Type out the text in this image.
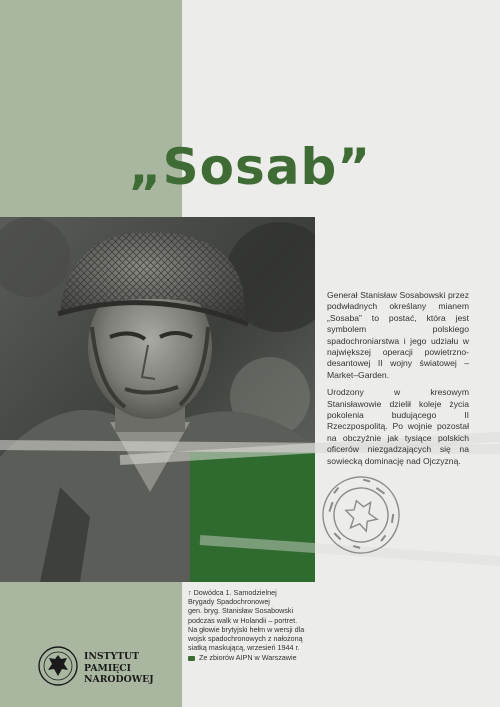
„Sosab”

Generał Stanisław Sosabowski przez podwładnych określany mianem „Sosaba” to postać, która jest symbolem polskiego spadochroniarstwa i jego udziału w największej operacji powietrzno-desantowej II wojny światowej – Market–Garden.

Urodzony w kresowym Stanisławowie dzielił koleje życia pokolenia budującego II Rzeczpospolitą. Po wojnie pozostał na obczyźnie jak tysiące polskich oficerów niezgadzających się na sowiecką dominację nad Ojczyzną.

↑ Dowódca 1. Samodzielnej
Brygady Spadochronowej
gen. bryg. Stanisław Sosabowski
podczas walk w Holandii – portret.
Na głowie brytyjski hełm w wersji dla
wojsk spadochronowych z nałożoną
siatką maskującą, wrzesień 1944 r.
Ze zbiorów AIPN w Warszawie
INSTYTUT
PAMIĘCI
NARODOWEJ
